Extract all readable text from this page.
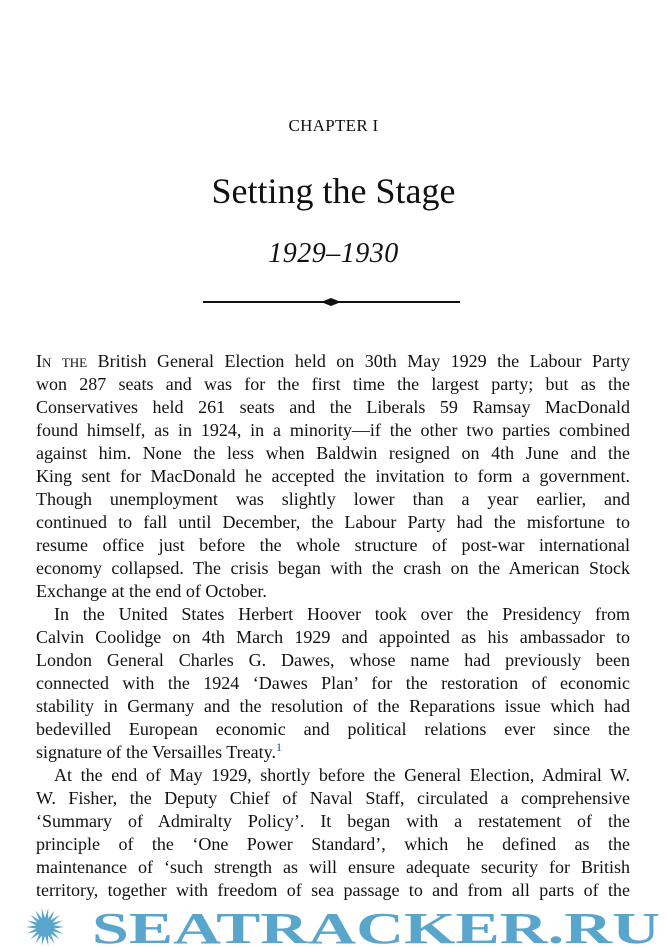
CHAPTER I
Setting the Stage
1929–1930
In the British General Election held on 30th May 1929 the Labour Party
won 287 seats and was for the first time the largest party; but as the
Conservatives held 261 seats and the Liberals 59 Ramsay MacDonald
found himself, as in 1924, in a minority—if the other two parties combined
against him. None the less when Baldwin resigned on 4th June and the
King sent for MacDonald he accepted the invitation to form a government.
Though unemployment was slightly lower than a year earlier, and
continued to fall until December, the Labour Party had the misfortune to
resume office just before the whole structure of post-war international
economy collapsed. The crisis began with the crash on the American Stock
Exchange at the end of October.
In the United States Herbert Hoover took over the Presidency from
Calvin Coolidge on 4th March 1929 and appointed as his ambassador to
London General Charles G. Dawes, whose name had previously been
connected with the 1924 ‘Dawes Plan’ for the restoration of economic
stability in Germany and the resolution of the Reparations issue which had
bedevilled European economic and political relations ever since the
signature of the Versailles Treaty.$^1$
At the end of May 1929, shortly before the General Election, Admiral W.
W. Fisher, the Deputy Chief of Naval Staff, circulated a comprehensive
‘Summary of Admiralty Policy’. It began with a restatement of the
principle of the ‘One Power Standard’, which he defined as the
maintenance of ‘such strength as will ensure adequate security for British
territory, together with freedom of sea passage to and from all parts of the
SEATRACKER.RU
